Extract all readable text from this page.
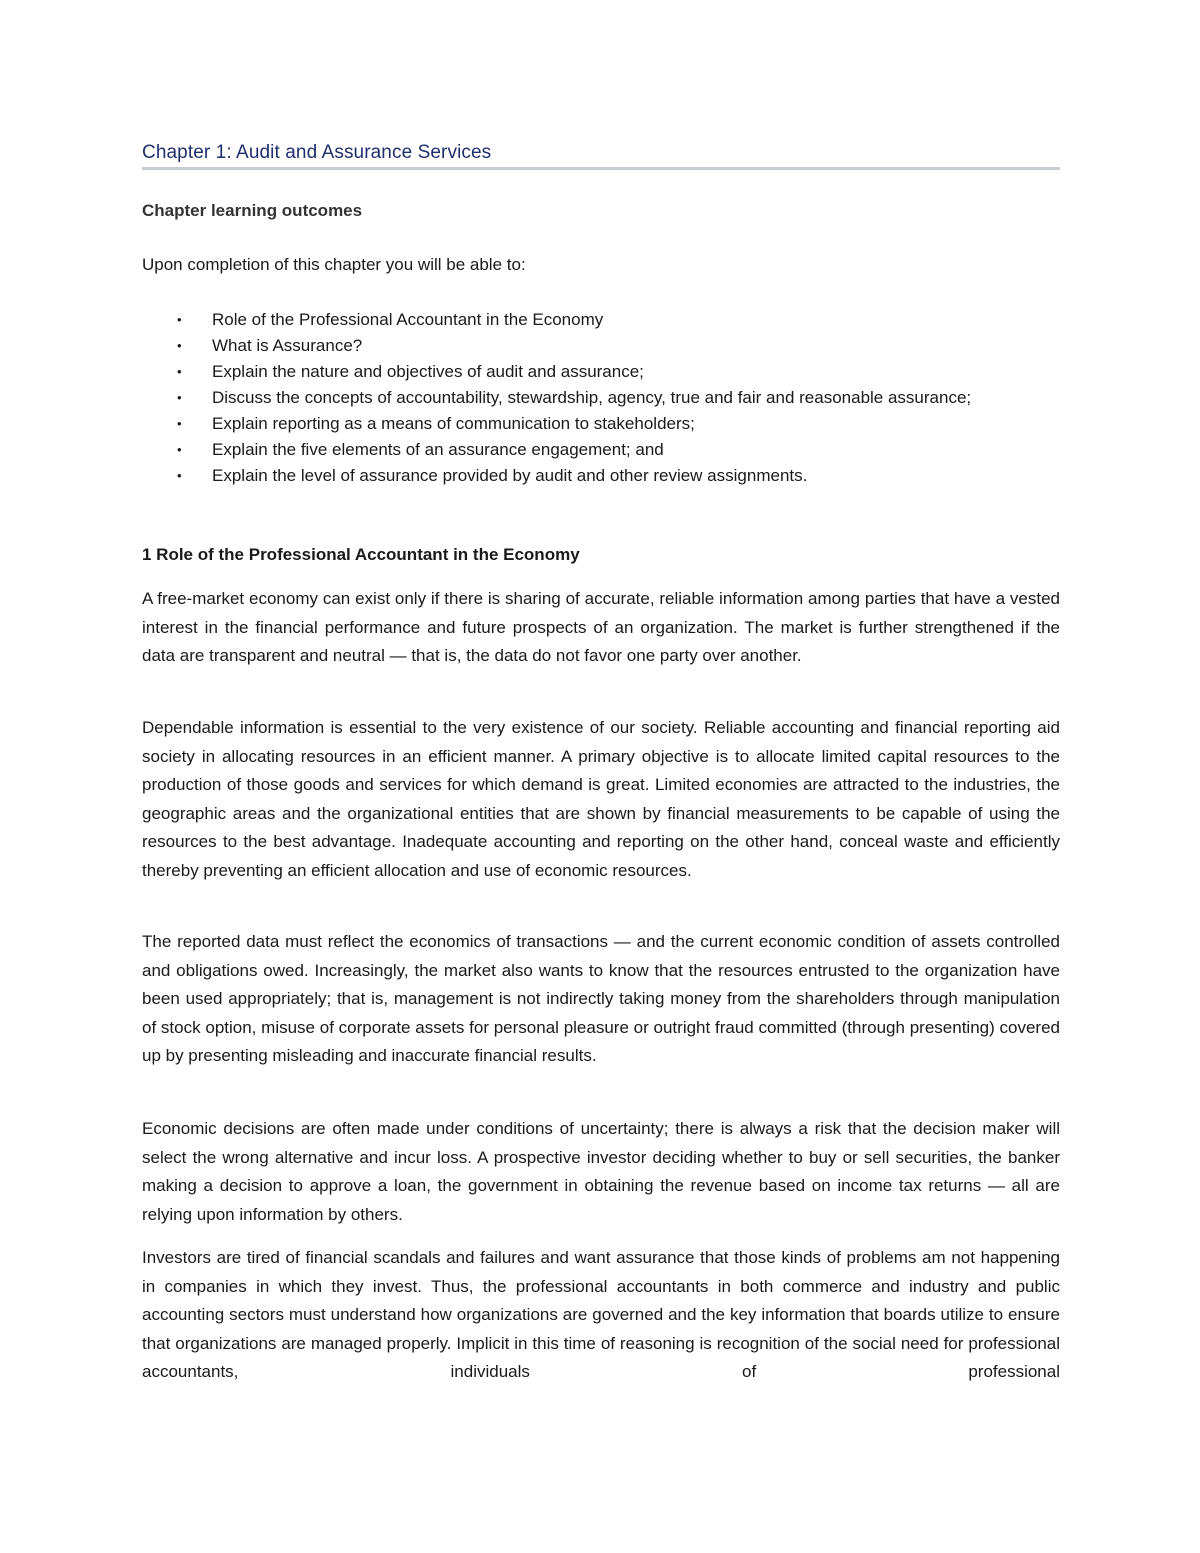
Chapter 1: Audit and Assurance Services
Chapter learning outcomes
Upon completion of this chapter you will be able to:
• Role of the Professional Accountant in the Economy
• What is Assurance?
• Explain the nature and objectives of audit and assurance;
• Discuss the concepts of accountability, stewardship, agency, true and fair and reasonable assurance;
• Explain reporting as a means of communication to stakeholders;
• Explain the five elements of an assurance engagement; and
• Explain the level of assurance provided by audit and other review assignments.
1 Role of the Professional Accountant in the Economy

A free-market economy can exist only if there is sharing of accurate, reliable information among parties that have a vested interest in the financial performance and future prospects of an organization. The market is further strengthened if the data are transparent and neutral — that is, the data do not favor one party over another.

Dependable information is essential to the very existence of our society. Reliable accounting and financial reporting aid society in allocating resources in an efficient manner. A primary objective is to allocate limited capital resources to the production of those goods and services for which demand is great. Limited economies are attracted to the industries, the geographic areas and the organizational entities that are shown by financial measurements to be capable of using the resources to the best advantage. Inadequate accounting and reporting on the other hand, conceal waste and efficiently thereby preventing an efficient allocation and use of economic resources.

The reported data must reflect the economics of transactions — and the current economic condition of assets controlled and obligations owed. Increasingly, the market also wants to know that the resources entrusted to the organization have been used appropriately; that is, management is not indirectly taking money from the shareholders through manipulation of stock option, misuse of corporate assets for personal pleasure or outright fraud committed (through presenting) covered up by presenting misleading and inaccurate financial results.

Economic decisions are often made under conditions of uncertainty; there is always a risk that the decision maker will select the wrong alternative and incur loss. A prospective investor deciding whether to buy or sell securities, the banker making a decision to approve a loan, the government in obtaining the revenue based on income tax returns — all are relying upon information by others.

Investors are tired of financial scandals and failures and want assurance that those kinds of problems am not happening in companies in which they invest. Thus, the professional accountants in both commerce and industry and public accounting sectors must understand how organizations are governed and the key information that boards utilize to ensure that organizations are managed properly. Implicit in this time of reasoning is recognition of the social need for professional accountants, individuals of professional
